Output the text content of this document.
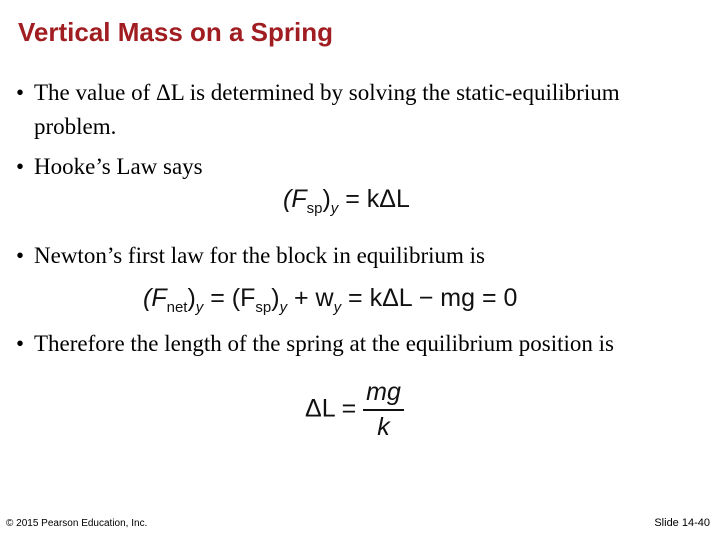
Vertical Mass on a Spring
• The value of ΔL is determined by solving the static-equilibrium problem.
• Hooke’s Law says
$(F_{sp})_y = k\Delta L$
• Newton’s first law for the block in equilibrium is
$(F_{net})_y = (F_{sp})_y + w_y = k\Delta L$ − mg = 0
• Therefore the length of the spring at the equilibrium position is
$\Delta L = \frac{mg}{k}$
© 2015 Pearson Education, Inc.	Slide 14-40
